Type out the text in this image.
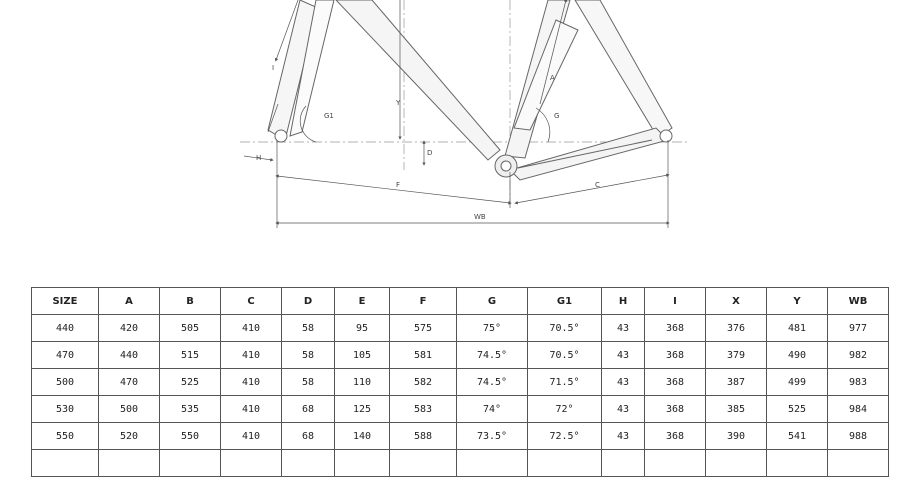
I
G1
H
Y
D
F
A
G
C
WB
SIZE	A	B	C	D	E	F	G	G1	H	I	X	Y	WB
440	420	505	410	58	95	575	75°	70.5°	43	368	376	481	977
470	440	515	410	58	105	581	74.5°	70.5°	43	368	379	490	982
500	470	525	410	58	110	582	74.5°	71.5°	43	368	387	499	983
530	500	535	410	68	125	583	74°	72°	43	368	385	525	984
550	520	550	410	68	140	588	73.5°	72.5°	43	368	390	541	988
